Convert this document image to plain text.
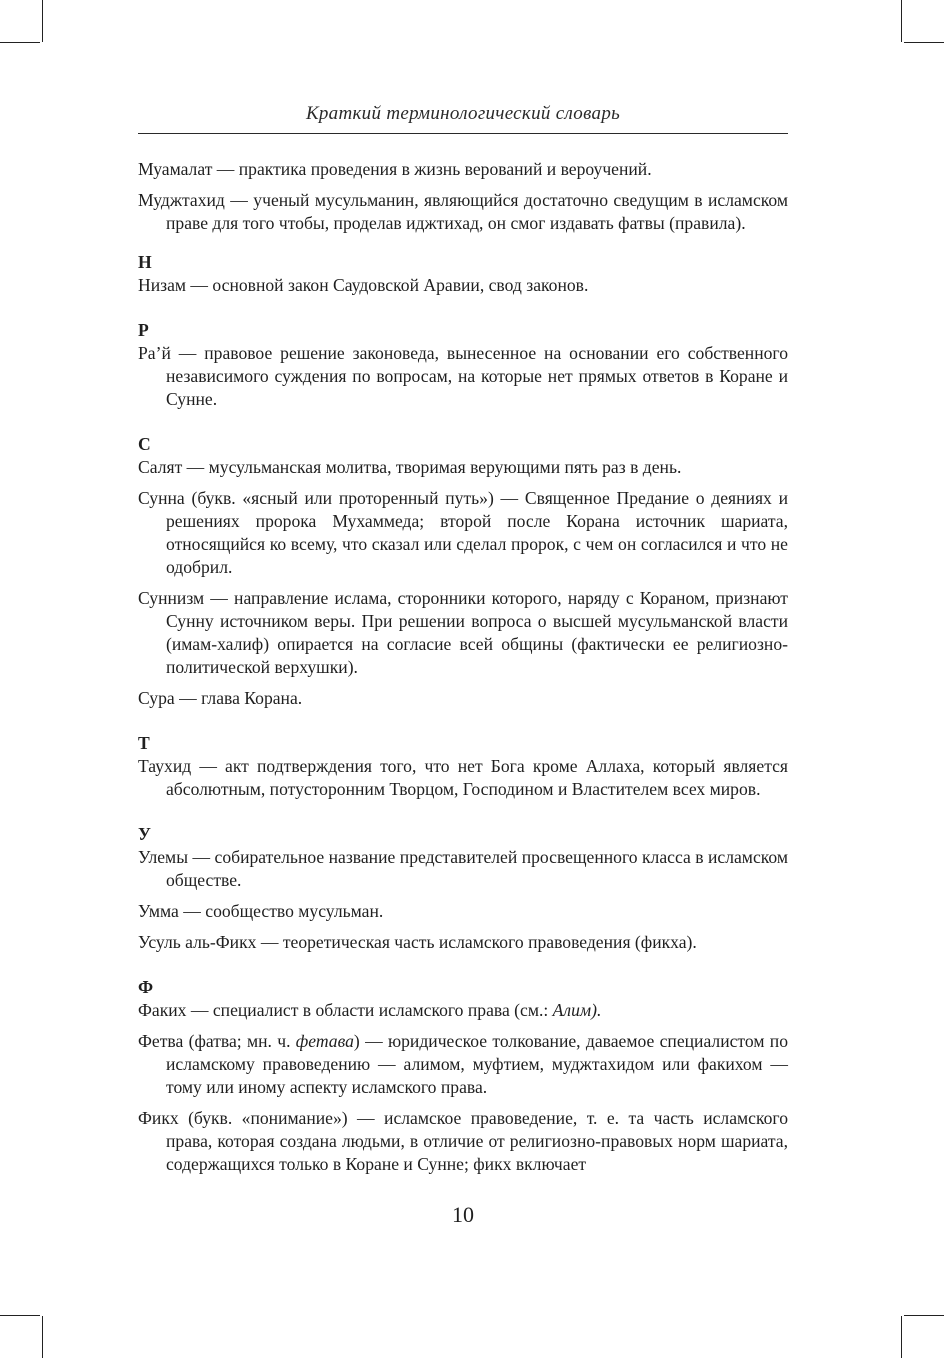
Краткий терминологический словарь

Муамалат — практика проведения в жизнь верований и вероучений.

Муджтахид — ученый мусульманин, являющийся достаточно сведущим в исламском праве для того чтобы, проделав иджтихад, он смог издавать фатвы (правила).

Н

Низам — основной закон Саудовской Аравии, свод законов.

Р

Ра’й — правовое решение законоведа, вынесенное на основании его собственного независимого суждения по вопросам, на которые нет прямых ответов в Коране и Сунне.

С

Салят — мусульманская молитва, творимая верующими пять раз в день.

Сунна (букв. «ясный или проторенный путь») — Священное Предание о деяниях и решениях пророка Мухаммеда; второй после Корана источник шариата, относящийся ко всему, что сказал или сделал пророк, с чем он согласился и что не одобрил.

Суннизм — направление ислама, сторонники которого, наряду с Кораном, признают Сунну источником веры. При решении вопроса о высшей мусульманской власти (имам-халиф) опирается на согласие всей общины (фактически ее религиозно-политической верхушки).

Сура — глава Корана.

Т

Таухид — акт подтверждения того, что нет Бога кроме Аллаха, который является абсолютным, потусторонним Творцом, Господином и Властителем всех миров.

У

Улемы — собирательное название представителей просвещенного класса в исламском обществе.

Умма — сообщество мусульман.

Усуль аль-Фикх — теоретическая часть исламского правоведения (фикха).

Ф

Факих — специалист в области исламского права (см.: Алим).

Фетва (фатва; мн. ч. фетава) — юридическое толкование, даваемое специалистом по исламскому правоведению — алимом, муфтием, муджтахидом или факихом — тому или иному аспекту исламского права.

Фикх (букв. «понимание») — исламское правоведение, т. е. та часть исламского права, которая создана людьми, в отличие от религиозно-правовых норм шариата, содержащихся только в Коране и Сунне; фикх включает

10
